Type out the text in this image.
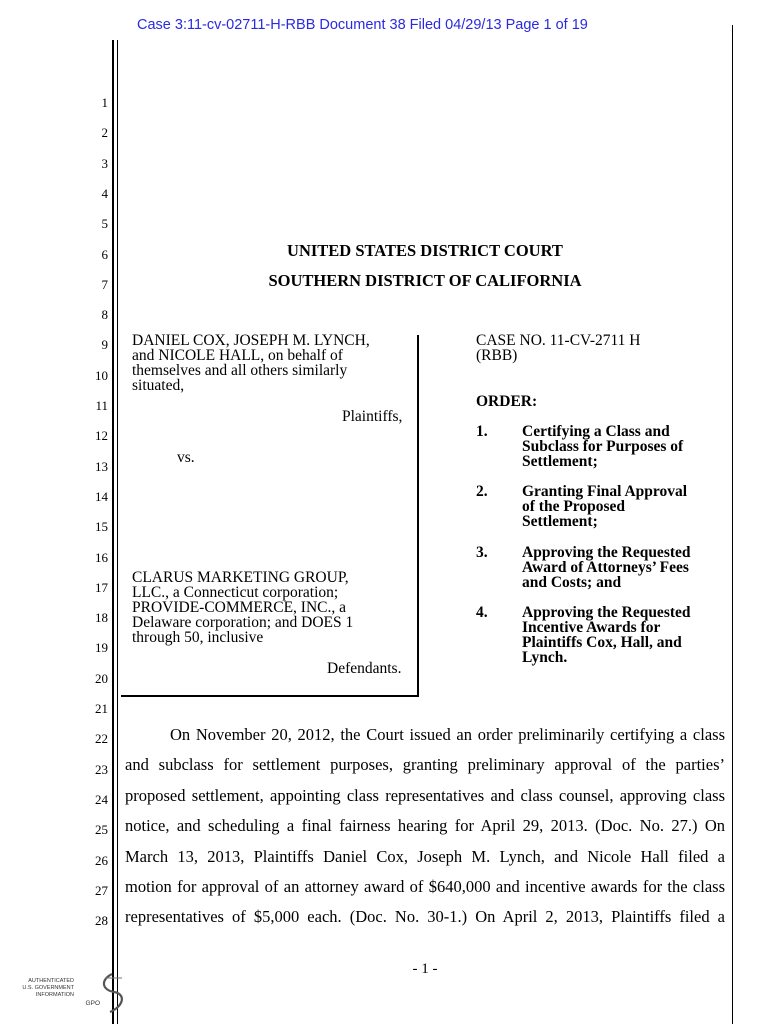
Case 3:11-cv-02711-H-RBB Document 38 Filed 04/29/13 Page 1 of 19
1
2
3
4
5
6
7
8
9
10
11
12
13
14
15
16
17
18
19
20
21
22
23
24
25
26
27
28
UNITED STATES DISTRICT COURT
SOUTHERN DISTRICT OF CALIFORNIA
DANIEL COX, JOSEPH M. LYNCH,
and NICOLE HALL, on behalf of
themselves and all others similarly
situated,
Plaintiffs,
vs.
CLARUS MARKETING GROUP,
LLC., a Connecticut corporation;
PROVIDE-COMMERCE, INC., a
Delaware corporation; and DOES 1
through 50, inclusive
Defendants.
CASE NO. 11-CV-2711 H
(RBB)
ORDER:
1. Certifying a Class and
Subclass for Purposes of
Settlement;
2. Granting Final Approval
of the Proposed
Settlement;
3. Approving the Requested
Award of Attorneys’ Fees
and Costs; and
4. Approving the Requested
Incentive Awards for
Plaintiffs Cox, Hall, and
Lynch.
On November 20, 2012, the Court issued an order preliminarily certifying a class
and subclass for settlement purposes, granting preliminary approval of the parties’
proposed settlement, appointing class representatives and class counsel, approving class
notice, and scheduling a final fairness hearing for April 29, 2013. (Doc. No. 27.) On
March 13, 2013, Plaintiffs Daniel Cox, Joseph M. Lynch, and Nicole Hall filed a
motion for approval of an attorney award of $640,000 and incentive awards for the class
representatives of $5,000 each. (Doc. No. 30-1.) On April 2, 2013, Plaintiffs filed a
- 1 -
AUTHENTICATED
U.S. GOVERNMENT
INFORMATION
GPO
